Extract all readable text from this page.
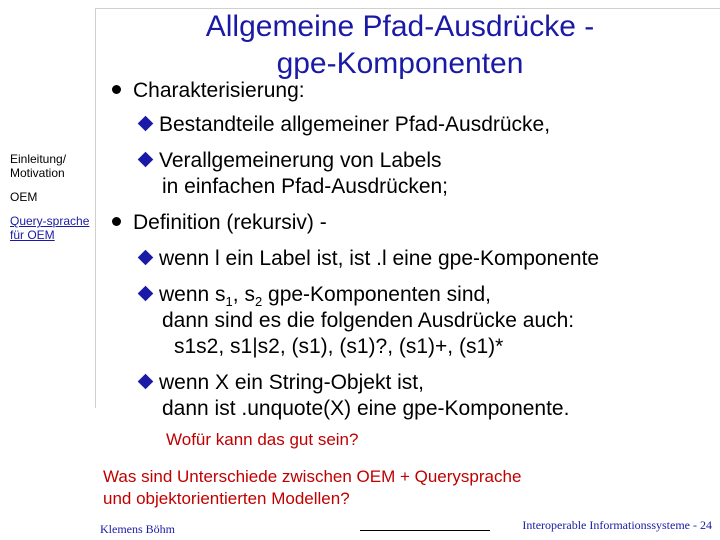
Allgemeine Pfad-Ausdrücke -
gpe-Komponenten
Einleitung/ Motivation
OEM
Query-sprache für OEM
Charakterisierung:
Bestandteile allgemeiner Pfad-Ausdrücke,
Verallgemeinerung von Labels
in einfachen Pfad-Ausdrücken;
Definition (rekursiv) -
wenn l ein Label ist, ist .l eine gpe-Komponente
wenn $s_1$, $s_2$ gpe-Komponenten sind,
dann sind es die folgenden Ausdrücke auch:
s1s2, s1|s2, (s1), (s1)?, (s1)+, (s1)*
wenn X ein String-Objekt ist,
dann ist .unquote(X) eine gpe-Komponente.
Wofür kann das gut sein?
Was sind Unterschiede zwischen OEM + Querysprache
und objektorientierten Modellen?
Klemens Böhm	Interoperable Informationssysteme - 24
